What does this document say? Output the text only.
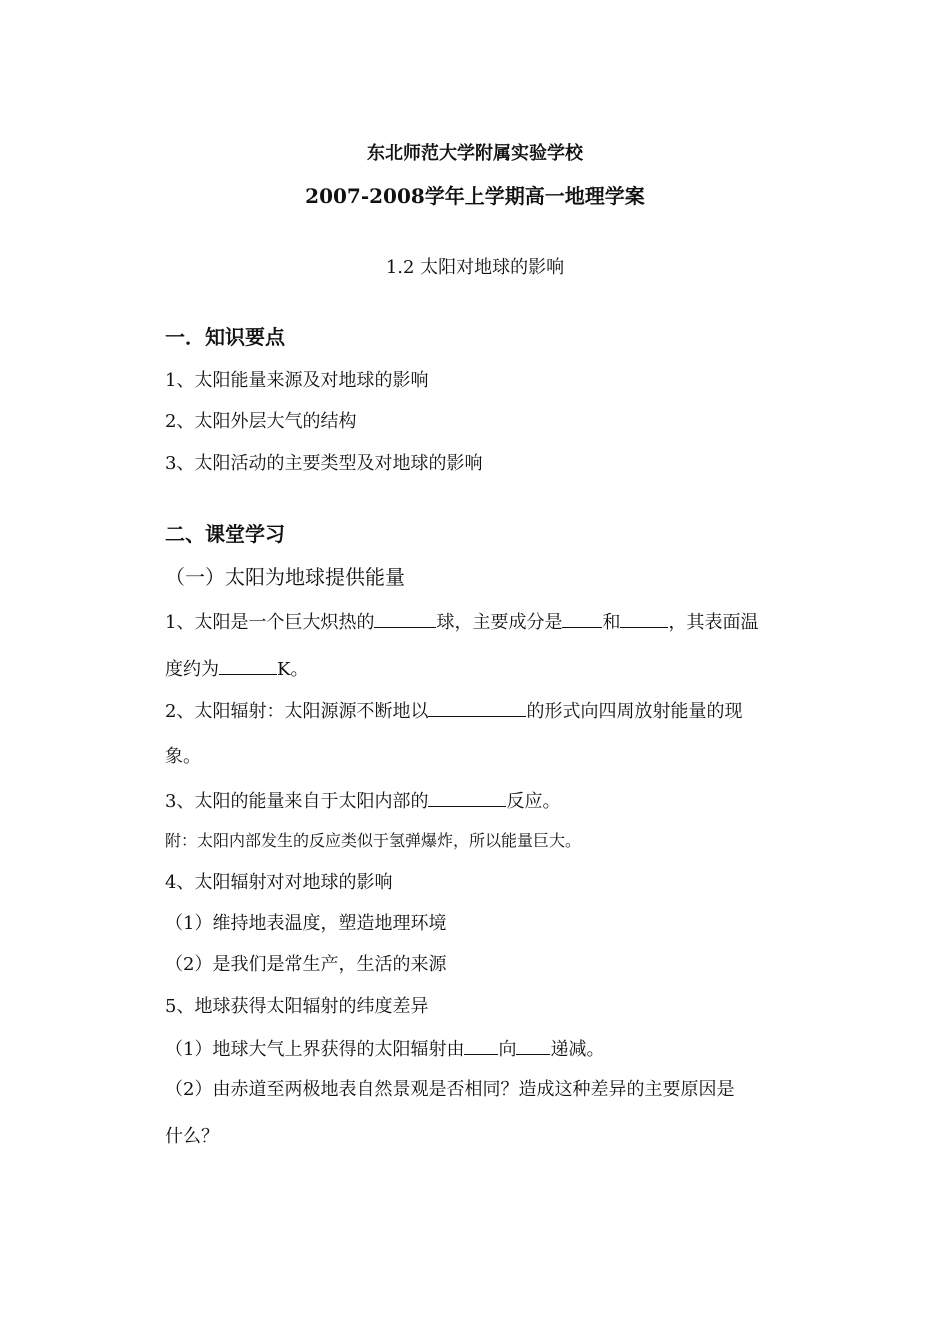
东北师范大学附属实验学校
2007-2008学年上学期高一地理学案
1.2 太阳对地球的影响
一．知识要点
1、太阳能量来源及对地球的影响
2、太阳外层大气的结构
3、太阳活动的主要类型及对地球的影响
二、课堂学习
（一）太阳为地球提供能量
1、太阳是一个巨大炽热的	球，主要成分是 和	，其表面温
度约为	K。
2、太阳辐射：太阳源源不断地以	的形式向四周放射能量的现
象。
3、太阳的能量来自于太阳内部的	反应。
附：太阳内部发生的反应类似于氢弹爆炸，所以能量巨大。
4、太阳辐射对对地球的影响
（1）维持地表温度，塑造地理环境
（2）是我们是常生产，生活的来源
5、地球获得太阳辐射的纬度差异
（1）地球大气上界获得的太阳辐射由 向 递减。
（2）由赤道至两极地表自然景观是否相同？造成这种差异的主要原因是
什么？
